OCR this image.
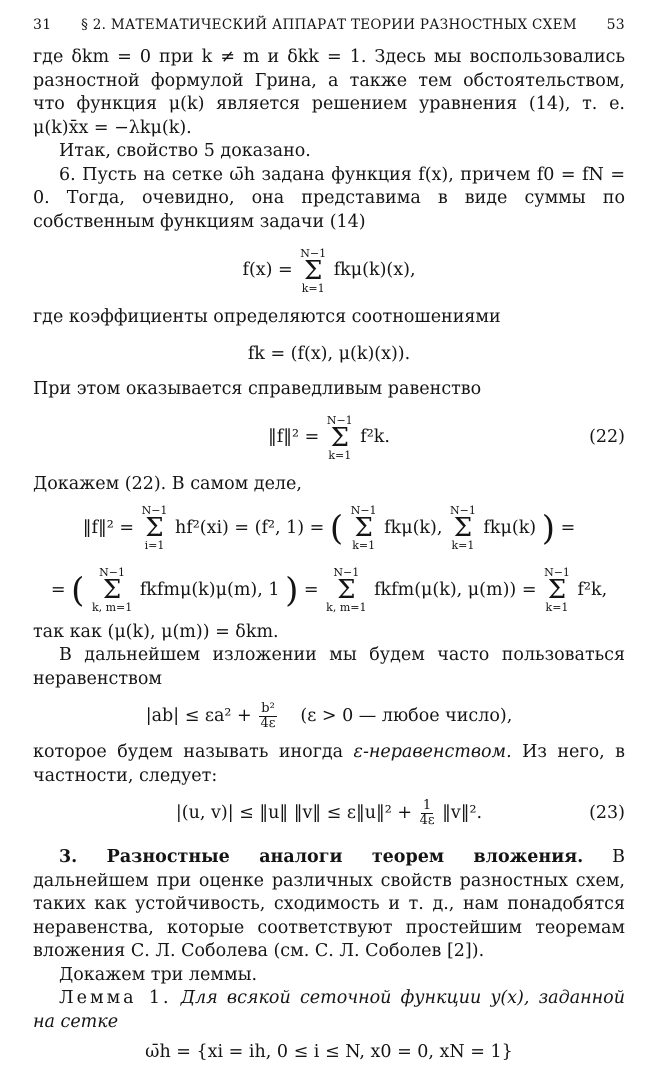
31	§ 2. МАТЕМАТИЧЕСКИЙ АППАРАТ ТЕОРИИ РАЗНОСТНЫХ СХЕМ	53

где δkm = 0 при k ≠ m и δkk = 1. Здесь мы воспользовались разностной формулой Грина, а также тем обстоятельством, что функция μ(k) является решением уравнения (14), т. е. μ(k)x̄x = −λkμ(k).

Итак, свойство 5 доказано.

6. Пусть на сетке ω̄h задана функция f(x), причем f0 = fN = 0. Тогда, очевидно, она представима в виде суммы по собственным функциям задачи (14)

f(x) =
N−1
Σ
k=1
fkμ(k)(x),

где коэффициенты определяются соотношениями

fk = (f(x), μ(k)(x)).

При этом оказывается справедливым равенство

‖f‖² =
N−1
Σ
k=1
f²k.	(22)

Докажем (22). В самом деле,

‖f‖² =
N−1
Σ
i=1
hf²(xi) = (f², 1) = ( N−1
Σ
k=1
fkμ(k),
N−1
Σ
k=1
fkμ(k) ) =
= ( N−1
Σ
k, m=1
fkfmμ(k)μ(m), 1 ) =
N−1
Σ
k, m=1
fkfm(μ(k), μ(m)) =
N−1
Σ
k=1
f²k,

так как (μ(k), μ(m)) = δkm.

В дальнейшем изложении мы будем часто пользоваться неравенством

$|ab| \le \varepsilon a^2 + \frac{\text{b²}}{4\varepsilon} (\varepsilon > 0$ — любое число),

которое будем называть иногда ε-неравенством. Из него, в частности, следует:

|(u, v)| ≤ ‖u‖ ‖v‖ ≤ ε‖u‖² + $\frac{1}{4\varepsilon}$ ‖v‖².	(23)

3. Разностные аналоги теорем вложения. В дальнейшем при оценке различных свойств разностных схем, таких как устойчивость, сходимость и т. д., нам понадобятся неравенства, которые соответствуют простейшим теоремам вложения С. Л. Соболева (см. С. Л. Соболев [2]).

Докажем три леммы.

Лемма 1. Для всякой сеточной функции y(x), заданной на сетке

ω̄h = {xi = ih, 0 ≤ i ≤ N, x0 = 0, xN = 1}
